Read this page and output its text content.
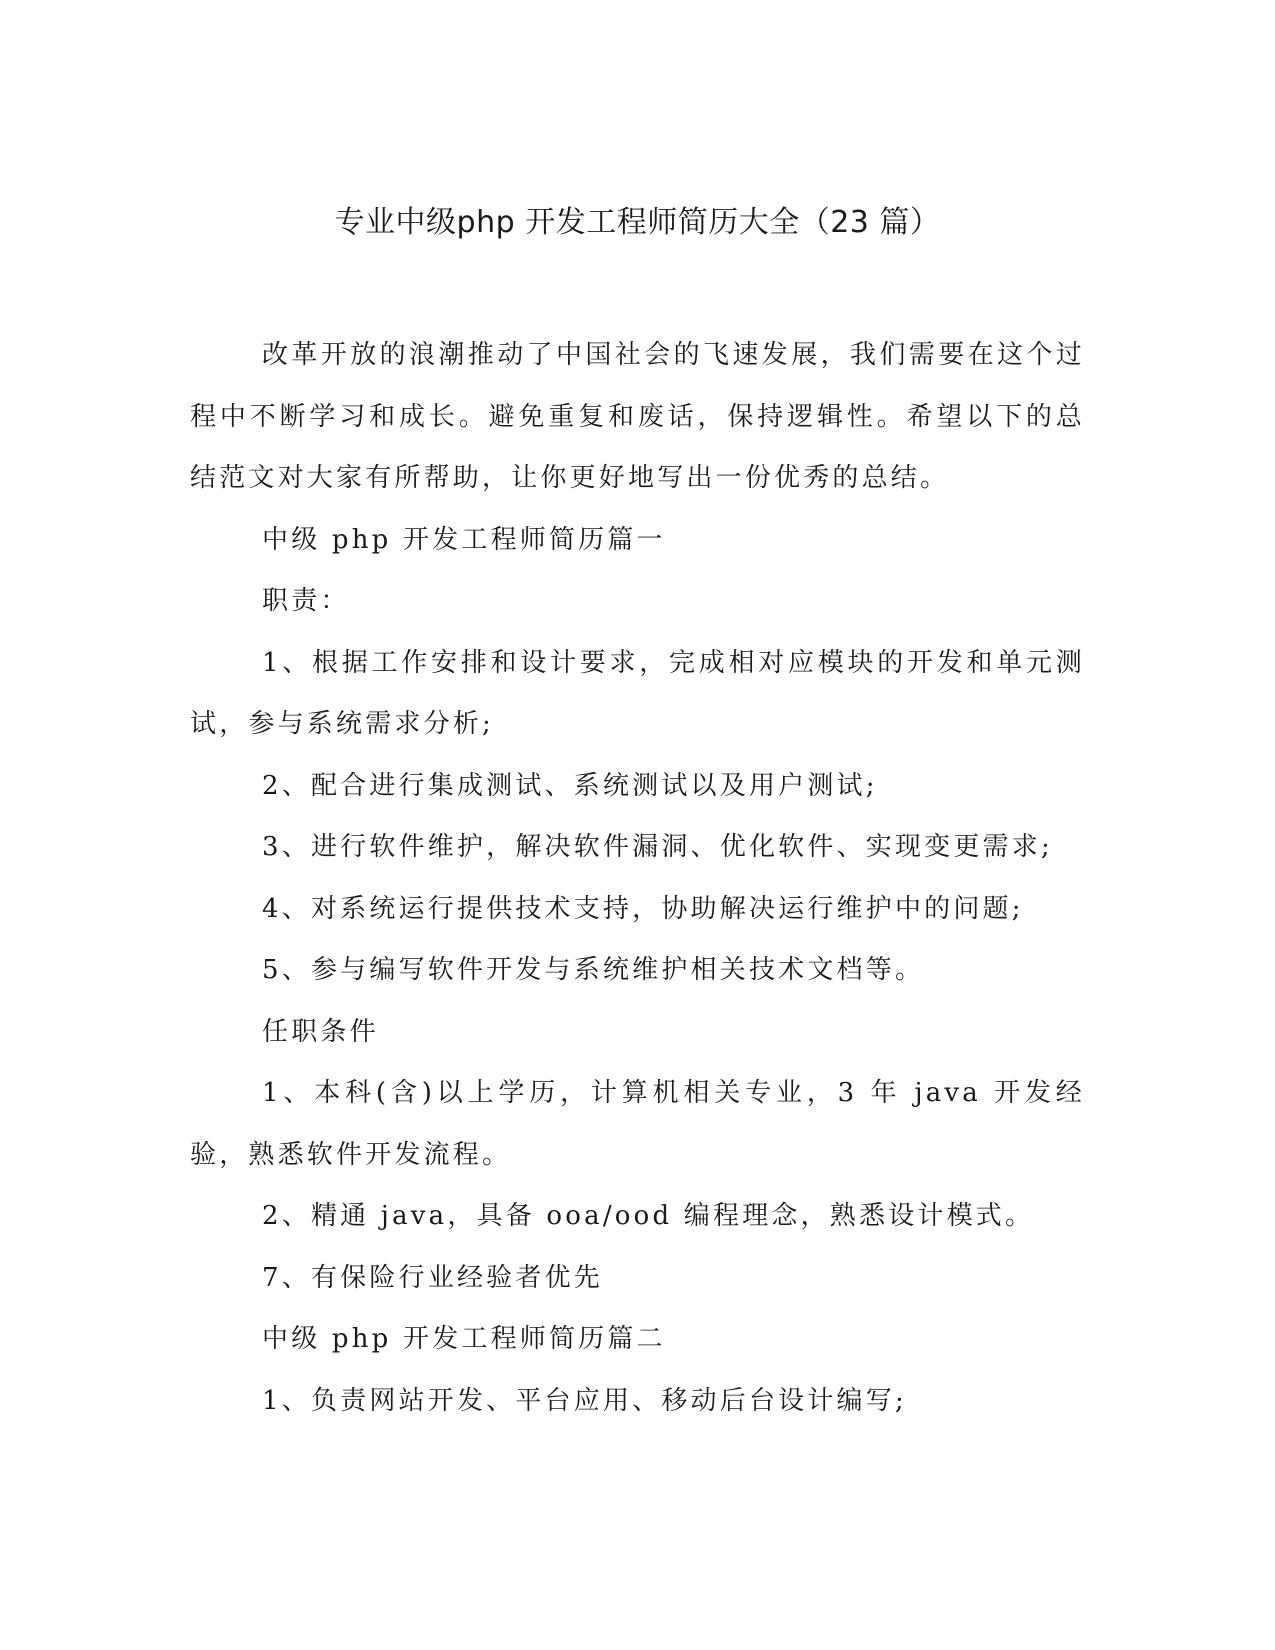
专业中级php 开发工程师简历大全（23 篇）

改革开放的浪潮推动了中国社会的飞速发展，我们需要在这个过程中不断学习和成长。避免重复和废话，保持逻辑性。希望以下的总结范文对大家有所帮助，让你更好地写出一份优秀的总结。

中级 php 开发工程师简历篇一

职责：

1、根据工作安排和设计要求，完成相对应模块的开发和单元测试，参与系统需求分析;

2、配合进行集成测试、系统测试以及用户测试;

3、进行软件维护，解决软件漏洞、优化软件、实现变更需求;

4、对系统运行提供技术支持，协助解决运行维护中的问题;

5、参与编写软件开发与系统维护相关技术文档等。

任职条件

1、本科(含)以上学历，计算机相关专业，3 年 java 开发经验，熟悉软件开发流程。

2、精通 java，具备 ooa/ood 编程理念，熟悉设计模式。

7、有保险行业经验者优先

中级 php 开发工程师简历篇二

1、负责网站开发、平台应用、移动后台设计编写;
